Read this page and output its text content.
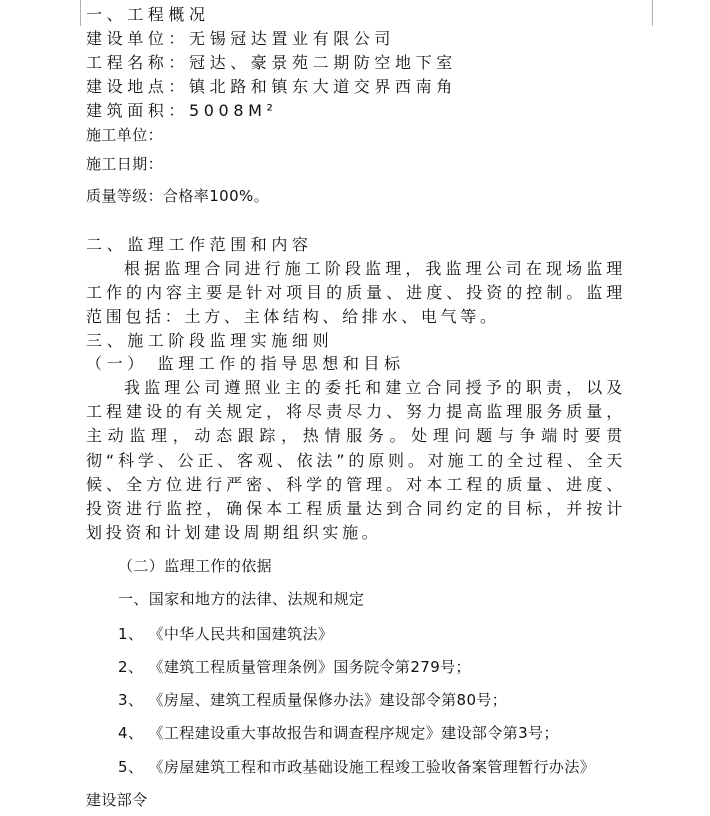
一、工程概况
建设单位：无锡冠达置业有限公司
工程名称：冠达、豪景苑二期防空地下室
建设地点：镇北路和镇东大道交界西南角
建筑面积：5008M²
施工单位：
施工日期：
质量等级：合格率100%。
二、监理工作范围和内容
根据监理合同进行施工阶段监理，我监理公司在现场监理工作的内容主要是针对项目的质量、进度、投资的控制。监理范围包括：土方、主体结构、给排水、电气等。
三、施工阶段监理实施细则
（一） 监理工作的指导思想和目标
我监理公司遵照业主的委托和建立合同授予的职责，以及工程建设的有关规定，将尽责尽力、努力提高监理服务质量，主动监理，动态跟踪，热情服务。处理问题与争端时要贯彻“科学、公正、客观、依法”的原则。对施工的全过程、全天候、全方位进行严密、科学的管理。对本工程的质量、进度、投资进行监控，确保本工程质量达到合同约定的目标，并按计划投资和计划建设周期组织实施。
（二）监理工作的依据
一、国家和地方的法律、法规和规定
1、 《中华人民共和国建筑法》
2、 《建筑工程质量管理条例》国务院令第279号；
3、 《房屋、建筑工程质量保修办法》建设部令第80号；
4、 《工程建设重大事故报告和调查程序规定》建设部令第3号；
5、 《房屋建筑工程和市政基础设施工程竣工验收备案管理暂行办法》
建设部令
